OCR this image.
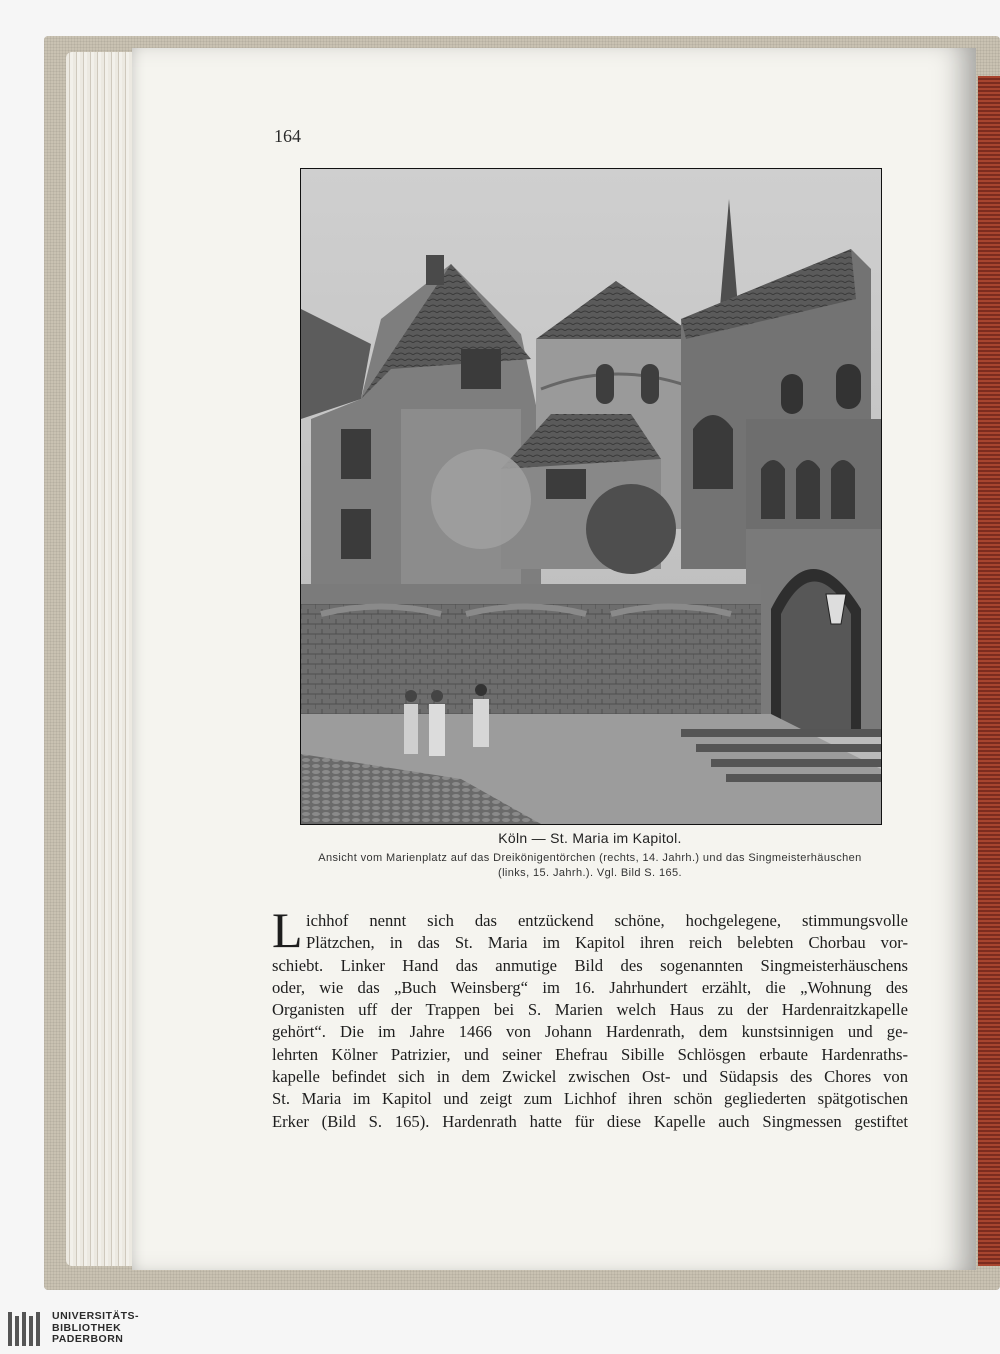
164
Köln — St. Maria im Kapitol.
Ansicht vom Marienplatz auf das Dreikönigentörchen (rechts, 14. Jahrh.) und das Singmeisterhäuschen
(links, 15. Jahrh.). Vgl. Bild S. 165.
L ichhof nennt sich das entzückend schöne, hochgelegene, stimmungsvolle
Plätzchen, in das St. Maria im Kapitol ihren reich belebten Chorbau vor-
schiebt. Linker Hand das anmutige Bild des sogenannten Singmeisterhäuschens
oder, wie das „Buch Weinsberg“ im 16. Jahrhundert erzählt, die „Wohnung des
Organisten uff der Trappen bei S. Marien welch Haus zu der Hardenraitzkapelle
gehört“. Die im Jahre 1466 von Johann Hardenrath, dem kunstsinnigen und ge-
lehrten Kölner Patrizier, und seiner Ehefrau Sibille Schlösgen erbaute Hardenraths-
kapelle befindet sich in dem Zwickel zwischen Ost- und Südapsis des Chores von
St. Maria im Kapitol und zeigt zum Lichhof ihren schön gegliederten spätgotischen
Erker (Bild S. 165). Hardenrath hatte für diese Kapelle auch Singmessen gestiftet
UNIVERSITÄTS-
BIBLIOTHEK
PADERBORN
